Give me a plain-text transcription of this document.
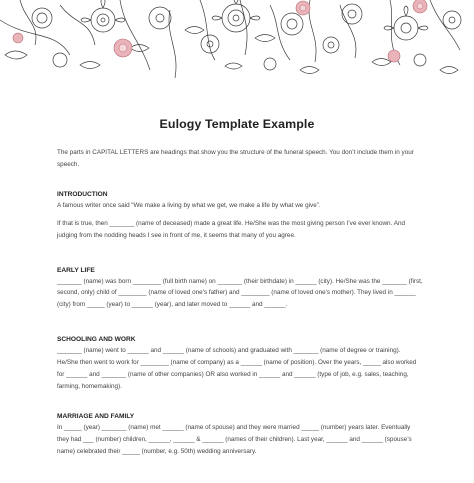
Eulogy Template Example

The parts in CAPITAL LETTERS are headings that show you the structure of the funeral speech. You don’t include them in your speech.

INTRODUCTION

A famous writer once said “We make a living by what we get, we make a life by what we give”.

If that is true, then _______ (name of deceased) made a great life. He/She was the most giving person I’ve ever known. And judging from the nodding heads I see in front of me, it seems that many of you agree.

EARLY LIFE

_______ (name) was born ________ (full birth name) on _______ (their birthdate) in ______ (city). He/She was the _______ (first, second, only) child of ________ (name of loved one’s father) and ________ (name of loved one’s mother). They lived in ______ (city) from _____ (year) to ______ (year), and later moved to ______ and ______.

SCHOOLING AND WORK

_______ (name) went to ______ and ______ (name of schools) and graduated with _______ (name of degree or training). He/She then went to work for ________ (name of company) as a ______ (name of position). Over the years, _____ also worked for ______ and _______ (name of other companies) OR also worked in ______ and ______ (type of job, e.g. sales, teaching, farming, homemaking).

MARRIAGE AND FAMILY

In _____ (year) _______ (name) met ______ (name of spouse) and they were married _____ (number) years later. Eventually they had ___ (number) children, ______, ______ & ______ (names of their children). Last year, ______ and ______ (spouse’s name) celebrated their _____ (number, e.g. 50th) wedding anniversary.
